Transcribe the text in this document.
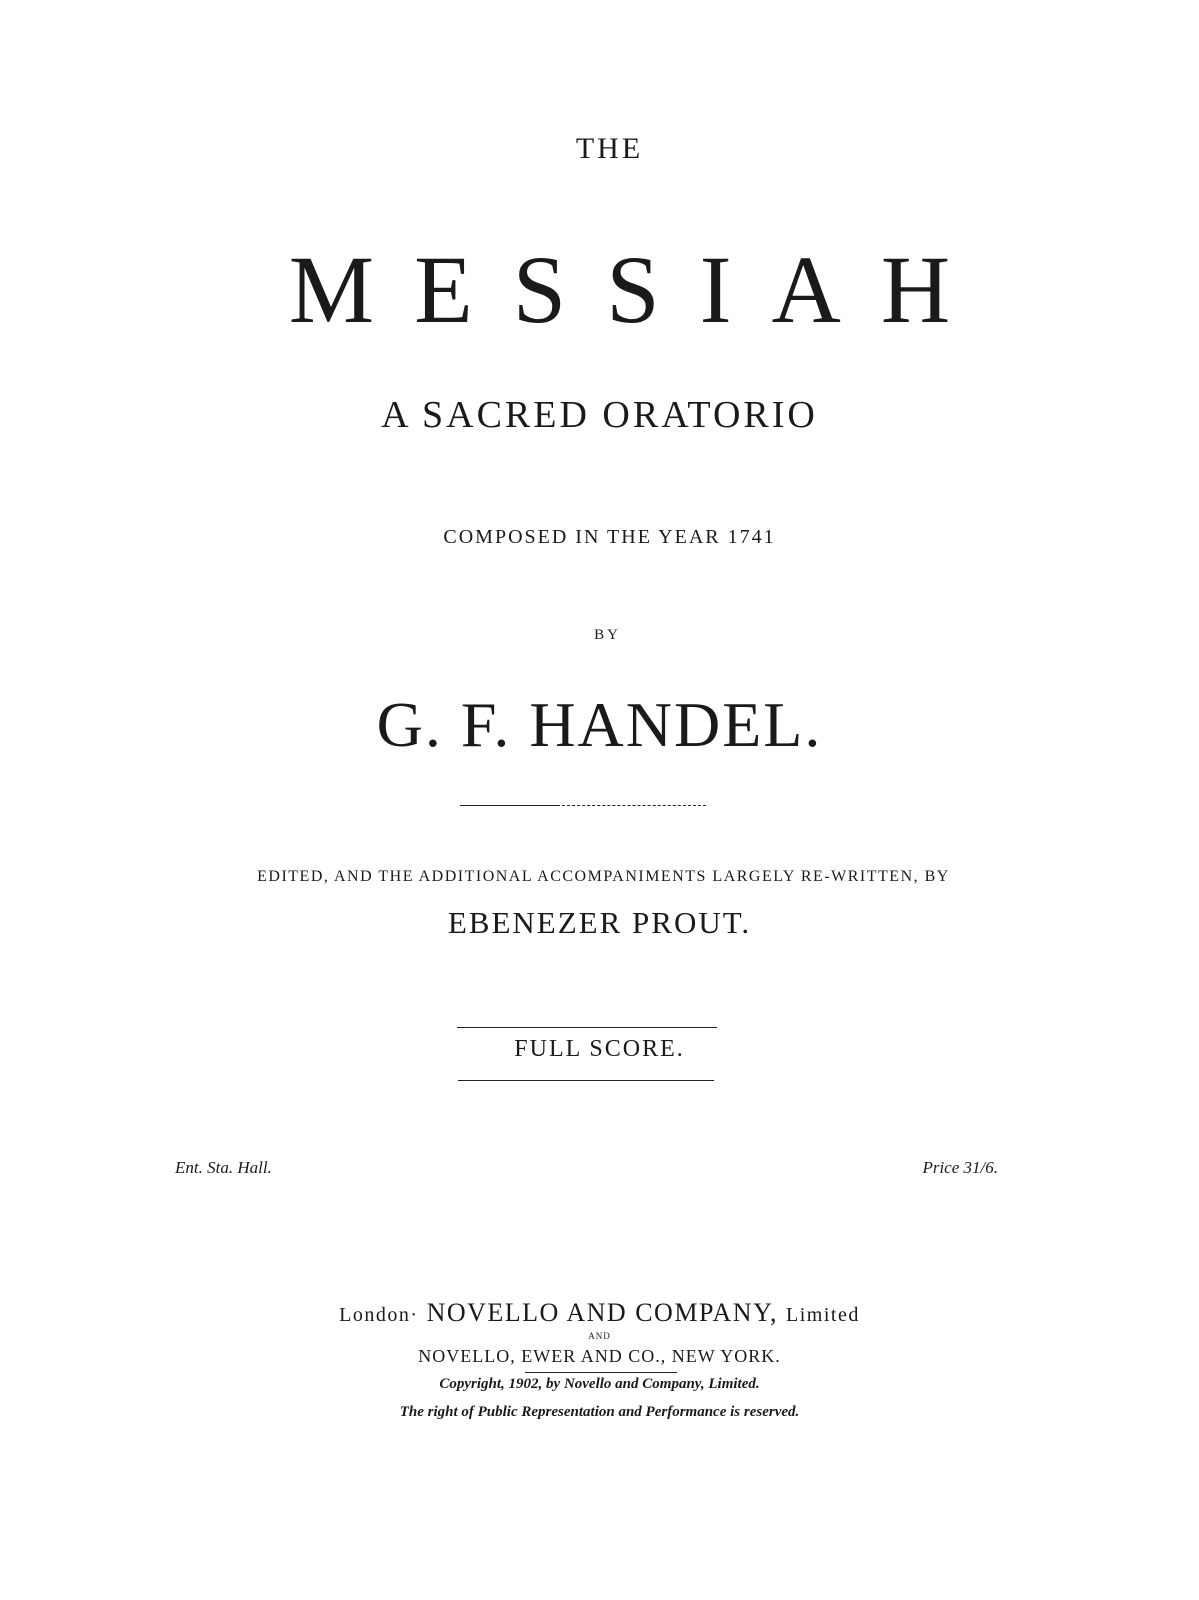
THE
MESSIAH
A SACRED ORATORIO
COMPOSED IN THE YEAR 1741
BY
G. F. HANDEL.
EDITED, AND THE ADDITIONAL ACCOMPANIMENTS LARGELY RE-WRITTEN, BY
EBENEZER PROUT.
FULL SCORE.
Ent. Sta. Hall.	Price 31/6.
London· NOVELLO AND COMPANY, Limited
AND
NOVELLO, EWER AND CO., NEW YORK.
Copyright, 1902, by Novello and Company, Limited.
The right of Public Representation and Performance is reserved.
